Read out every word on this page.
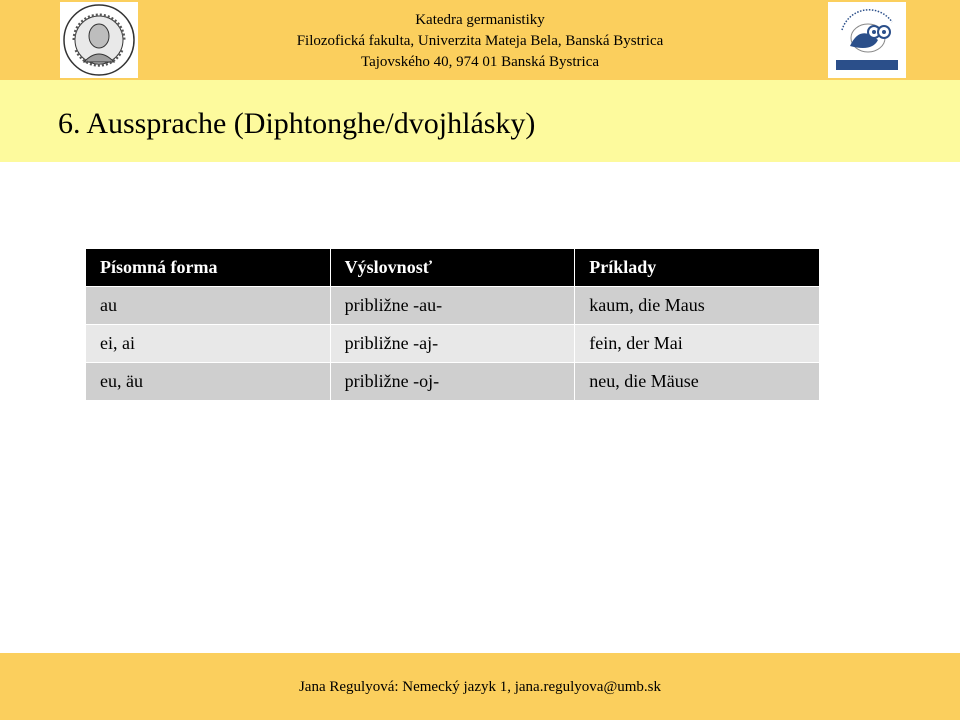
Katedra germanistiky
Filozofická fakulta, Univerzita Mateja Bela, Banská Bystrica
Tajovského 40, 974 01 Banská Bystrica
6. Aussprache (Diphtonghe/dvojhlásky)
Písomná forma	Výslovnosť	Príklady
au	približne -au-	kaum, die Maus
ei, ai	približne -aj-	fein, der Mai
eu, äu	približne -oj-	neu, die Mäuse
Jana Regulyová: Nemecký jazyk 1, jana.regulyova@umb.sk
